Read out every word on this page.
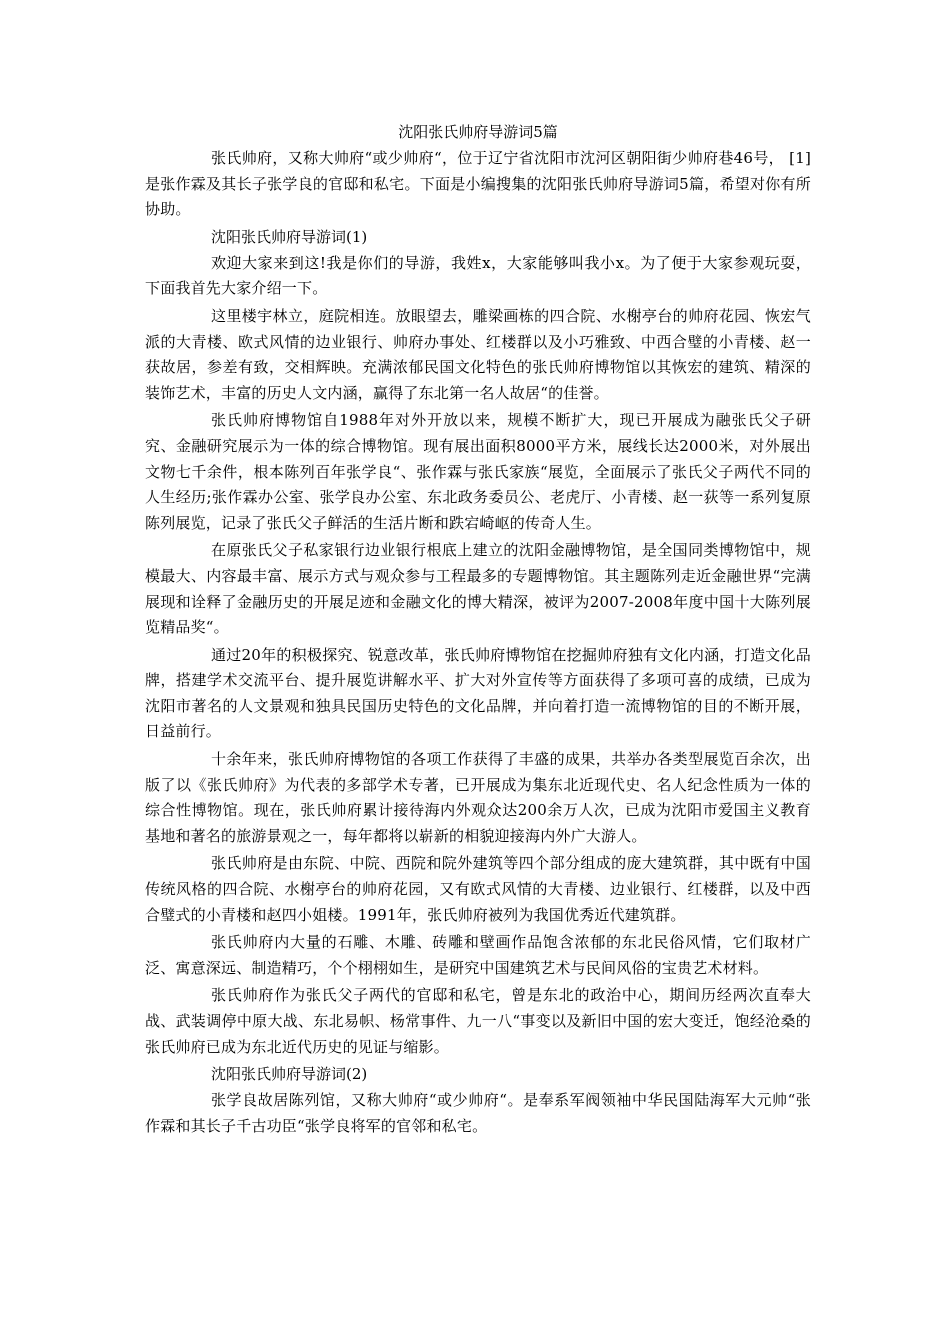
沈阳张氏帅府导游词5篇

张氏帅府，又称大帅府“或少帅府“，位于辽宁省沈阳市沈河区朝阳街少帅府巷46号， [1] 是张作霖及其长子张学良的官邸和私宅。下面是小编搜集的沈阳张氏帅府导游词5篇，希望对你有所协助。

沈阳张氏帅府导游词(1)

欢迎大家来到这!我是你们的导游，我姓x，大家能够叫我小x。为了便于大家参观玩耍，下面我首先大家介绍一下。

这里楼宇林立，庭院相连。放眼望去，雕梁画栋的四合院、水榭亭台的帅府花园、恢宏气派的大青楼、欧式风情的边业银行、帅府办事处、红楼群以及小巧雅致、中西合璧的小青楼、赵一获故居，参差有致，交相辉映。充满浓郁民国文化特色的张氏帅府博物馆以其恢宏的建筑、精深的装饰艺术，丰富的历史人文内涵，赢得了东北第一名人故居“的佳誉。

张氏帅府博物馆自1988年对外开放以来，规模不断扩大，现已开展成为融张氏父子研究、金融研究展示为一体的综合博物馆。现有展出面积8000平方米，展线长达2000米，对外展出文物七千余件，根本陈列百年张学良“、张作霖与张氏家族“展览，全面展示了张氏父子两代不同的人生经历;张作霖办公室、张学良办公室、东北政务委员公、老虎厅、小青楼、赵一荻等一系列复原陈列展览，记录了张氏父子鲜活的生活片断和跌宕崎岖的传奇人生。

在原张氏父子私家银行边业银行根底上建立的沈阳金融博物馆，是全国同类博物馆中，规模最大、内容最丰富、展示方式与观众参与工程最多的专题博物馆。其主题陈列走近金融世界“完满展现和诠释了金融历史的开展足迹和金融文化的博大精深，被评为2007-2008年度中国十大陈列展览精品奖“。

通过20年的积极探究、锐意改革，张氏帅府博物馆在挖掘帅府独有文化内涵，打造文化品牌，搭建学术交流平台、提升展览讲解水平、扩大对外宣传等方面获得了多项可喜的成绩，已成为沈阳市著名的人文景观和独具民国历史特色的文化品牌，并向着打造一流博物馆的目的不断开展，日益前行。

十余年来，张氏帅府博物馆的各项工作获得了丰盛的成果，共举办各类型展览百余次，出版了以《张氏帅府》为代表的多部学术专著，已开展成为集东北近现代史、名人纪念性质为一体的综合性博物馆。现在，张氏帅府累计接待海内外观众达200余万人次，已成为沈阳市爱国主义教育基地和著名的旅游景观之一，每年都将以崭新的相貌迎接海内外广大游人。

张氏帅府是由东院、中院、西院和院外建筑等四个部分组成的庞大建筑群，其中既有中国传统风格的四合院、水榭亭台的帅府花园，又有欧式风情的大青楼、边业银行、红楼群，以及中西合璧式的小青楼和赵四小姐楼。1991年，张氏帅府被列为我国优秀近代建筑群。

张氏帅府内大量的石雕、木雕、砖雕和壁画作品饱含浓郁的东北民俗风情，它们取材广泛、寓意深远、制造精巧，个个栩栩如生，是研究中国建筑艺术与民间风俗的宝贵艺术材料。

张氏帅府作为张氏父子两代的官邸和私宅，曾是东北的政治中心，期间历经两次直奉大战、武装调停中原大战、东北易帜、杨常事件、九一八“事变以及新旧中国的宏大变迁，饱经沧桑的张氏帅府已成为东北近代历史的见证与缩影。

沈阳张氏帅府导游词(2)

张学良故居陈列馆，又称大帅府“或少帅府“。是奉系军阀领袖中华民国陆海军大元帅“张作霖和其长子千古功臣“张学良将军的官邻和私宅。
